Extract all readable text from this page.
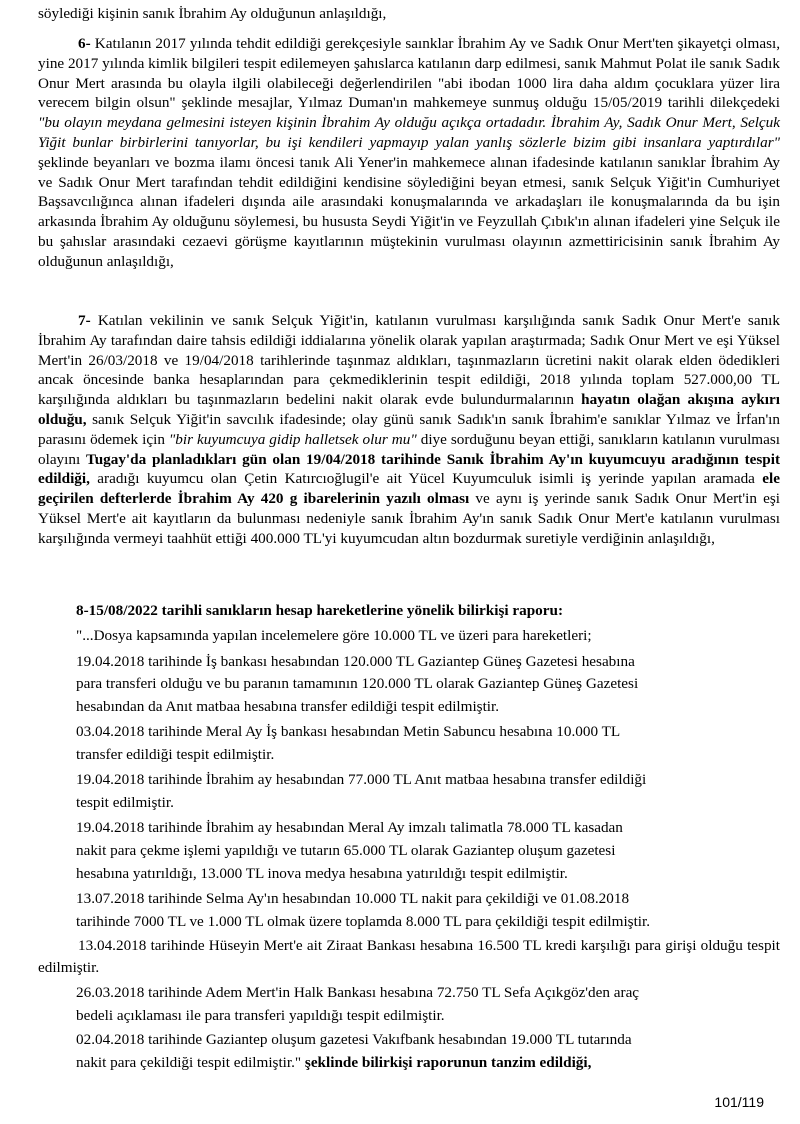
söylediği kişinin sanık İbrahim Ay olduğunun anlaşıldığı,

6- Katılanın 2017 yılında tehdit edildiği gerekçesiyle saınklar İbrahim Ay ve Sadık Onur Mert'ten şikayetçi olması, yine 2017 yılında kimlik bilgileri tespit edilemeyen şahıslarca katılanın darp edilmesi, sanık Mahmut Polat ile sanık Sadık Onur Mert arasında bu olayla ilgili olabileceği değerlendirilen "abi ibodan 1000 lira daha aldım çocuklara yüzer lira verecem bilgin olsun" şeklinde mesajlar, Yılmaz Duman'ın mahkemeye sunmuş olduğu 15/05/2019 tarihli dilekçedeki "bu olayın meydana gelmesini isteyen kişinin İbrahim Ay olduğu açıkça ortadadır. İbrahim Ay, Sadık Onur Mert, Selçuk Yiğit bunlar birbirlerini tanıyorlar, bu işi kendileri yapmayıp yalan yanlış sözlerle bizim gibi insanlara yaptırdılar" şeklinde beyanları ve bozma ilamı öncesi tanık Ali Yener'in mahkemece alınan ifadesinde katılanın sanıklar İbrahim Ay ve Sadık Onur Mert tarafından tehdit edildiğini kendisine söylediğini beyan etmesi, sanık Selçuk Yiğit'in Cumhuriyet Başsavcılığınca alınan ifadeleri dışında aile arasındaki konuşmalarında ve arkadaşları ile konuşmalarında da bu işin arkasında İbrahim Ay olduğunu söylemesi, bu hususta Seydi Yiğit'in ve Feyzullah Çıbık'ın alınan ifadeleri yine Selçuk ile bu şahıslar arasındaki cezaevi görüşme kayıtlarının müştekinin vurulması olayının azmettiricisinin sanık İbrahim Ay olduğunun anlaşıldığı,

7- Katılan vekilinin ve sanık Selçuk Yiğit'in, katılanın vurulması karşılığında sanık Sadık Onur Mert'e sanık İbrahim Ay tarafından daire tahsis edildiği iddialarına yönelik olarak yapılan araştırmada; Sadık Onur Mert ve eşi Yüksel Mert'in 26/03/2018 ve 19/04/2018 tarihlerinde taşınmaz aldıkları, taşınmazların ücretini nakit olarak elden ödedikleri ancak öncesinde banka hesaplarından para çekmediklerinin tespit edildiği, 2018 yılında toplam 527.000,00 TL karşılığında aldıkları bu taşınmazların bedelini nakit olarak evde bulundurmalarının hayatın olağan akışına aykırı olduğu, sanık Selçuk Yiğit'in savcılık ifadesinde; olay günü sanık Sadık'ın sanık İbrahim'e sanıklar Yılmaz ve İrfan'ın parasını ödemek için "bir kuyumcuya gidip halletsek olur mu" diye sorduğunu beyan ettiği, sanıkların katılanın vurulması olayını Tugay'da planladıkları gün olan 19/04/2018 tarihinde Sanık İbrahim Ay'ın kuyumcuyu aradığının tespit edildiği, aradığı kuyumcu olan Çetin Katırcıoğlugil'e ait Yücel Kuyumculuk isimli iş yerinde yapılan aramada ele geçirilen defterlerde İbrahim Ay 420 g ibarelerinin yazılı olması ve aynı iş yerinde sanık Sadık Onur Mert'in eşi Yüksel Mert'e ait kayıtların da bulunması nedeniyle sanık İbrahim Ay'ın sanık Sadık Onur Mert'e katılanın vurulması karşılığında vermeyi taahhüt ettiği 400.000 TL'yi kuyumcudan altın bozdurmak suretiyle verdiğinin anlaşıldığı,

8-15/08/2022 tarihli sanıkların hesap hareketlerine yönelik bilirkişi raporu:
"...Dosya kapsamında yapılan incelemelere göre 10.000 TL ve üzeri para hareketleri;
19.04.2018 tarihinde İş bankası hesabından 120.000 TL Gaziantep Güneş Gazetesi hesabına
para transferi olduğu ve bu paranın tamamının 120.000 TL olarak Gaziantep Güneş Gazetesi
hesabından da Anıt matbaa hesabına transfer edildiği tespit edilmiştir.
03.04.2018 tarihinde Meral Ay İş bankası hesabından Metin Sabuncu hesabına 10.000 TL
transfer edildiği tespit edilmiştir.
19.04.2018 tarihinde İbrahim ay hesabından 77.000 TL Anıt matbaa hesabına transfer edildiği
tespit edilmiştir.
19.04.2018 tarihinde İbrahim ay hesabından Meral Ay imzalı talimatla 78.000 TL kasadan
nakit para çekme işlemi yapıldığı ve tutarın 65.000 TL olarak Gaziantep oluşum gazetesi
hesabına yatırıldığı, 13.000 TL inova medya hesabına yatırıldığı tespit edilmiştir.
13.07.2018 tarihinde Selma Ay'ın hesabından 10.000 TL nakit para çekildiği ve 01.08.2018
tarihinde 7000 TL ve 1.000 TL olmak üzere toplamda 8.000 TL para çekildiği tespit edilmiştir.

13.04.2018 tarihinde Hüseyin Mert'e ait Ziraat Bankası hesabına 16.500 TL kredi karşılığı para girişi olduğu tespit edilmiştir.

26.03.2018 tarihinde Adem Mert'in Halk Bankası hesabına 72.750 TL Sefa Açıkgöz'den araç
bedeli açıklaması ile para transferi yapıldığı tespit edilmiştir.
02.04.2018 tarihinde Gaziantep oluşum gazetesi Vakıfbank hesabından 19.000 TL tutarında
nakit para çekildiği tespit edilmiştir." şeklinde bilirkişi raporunun tanzim edildiği,
101/119
